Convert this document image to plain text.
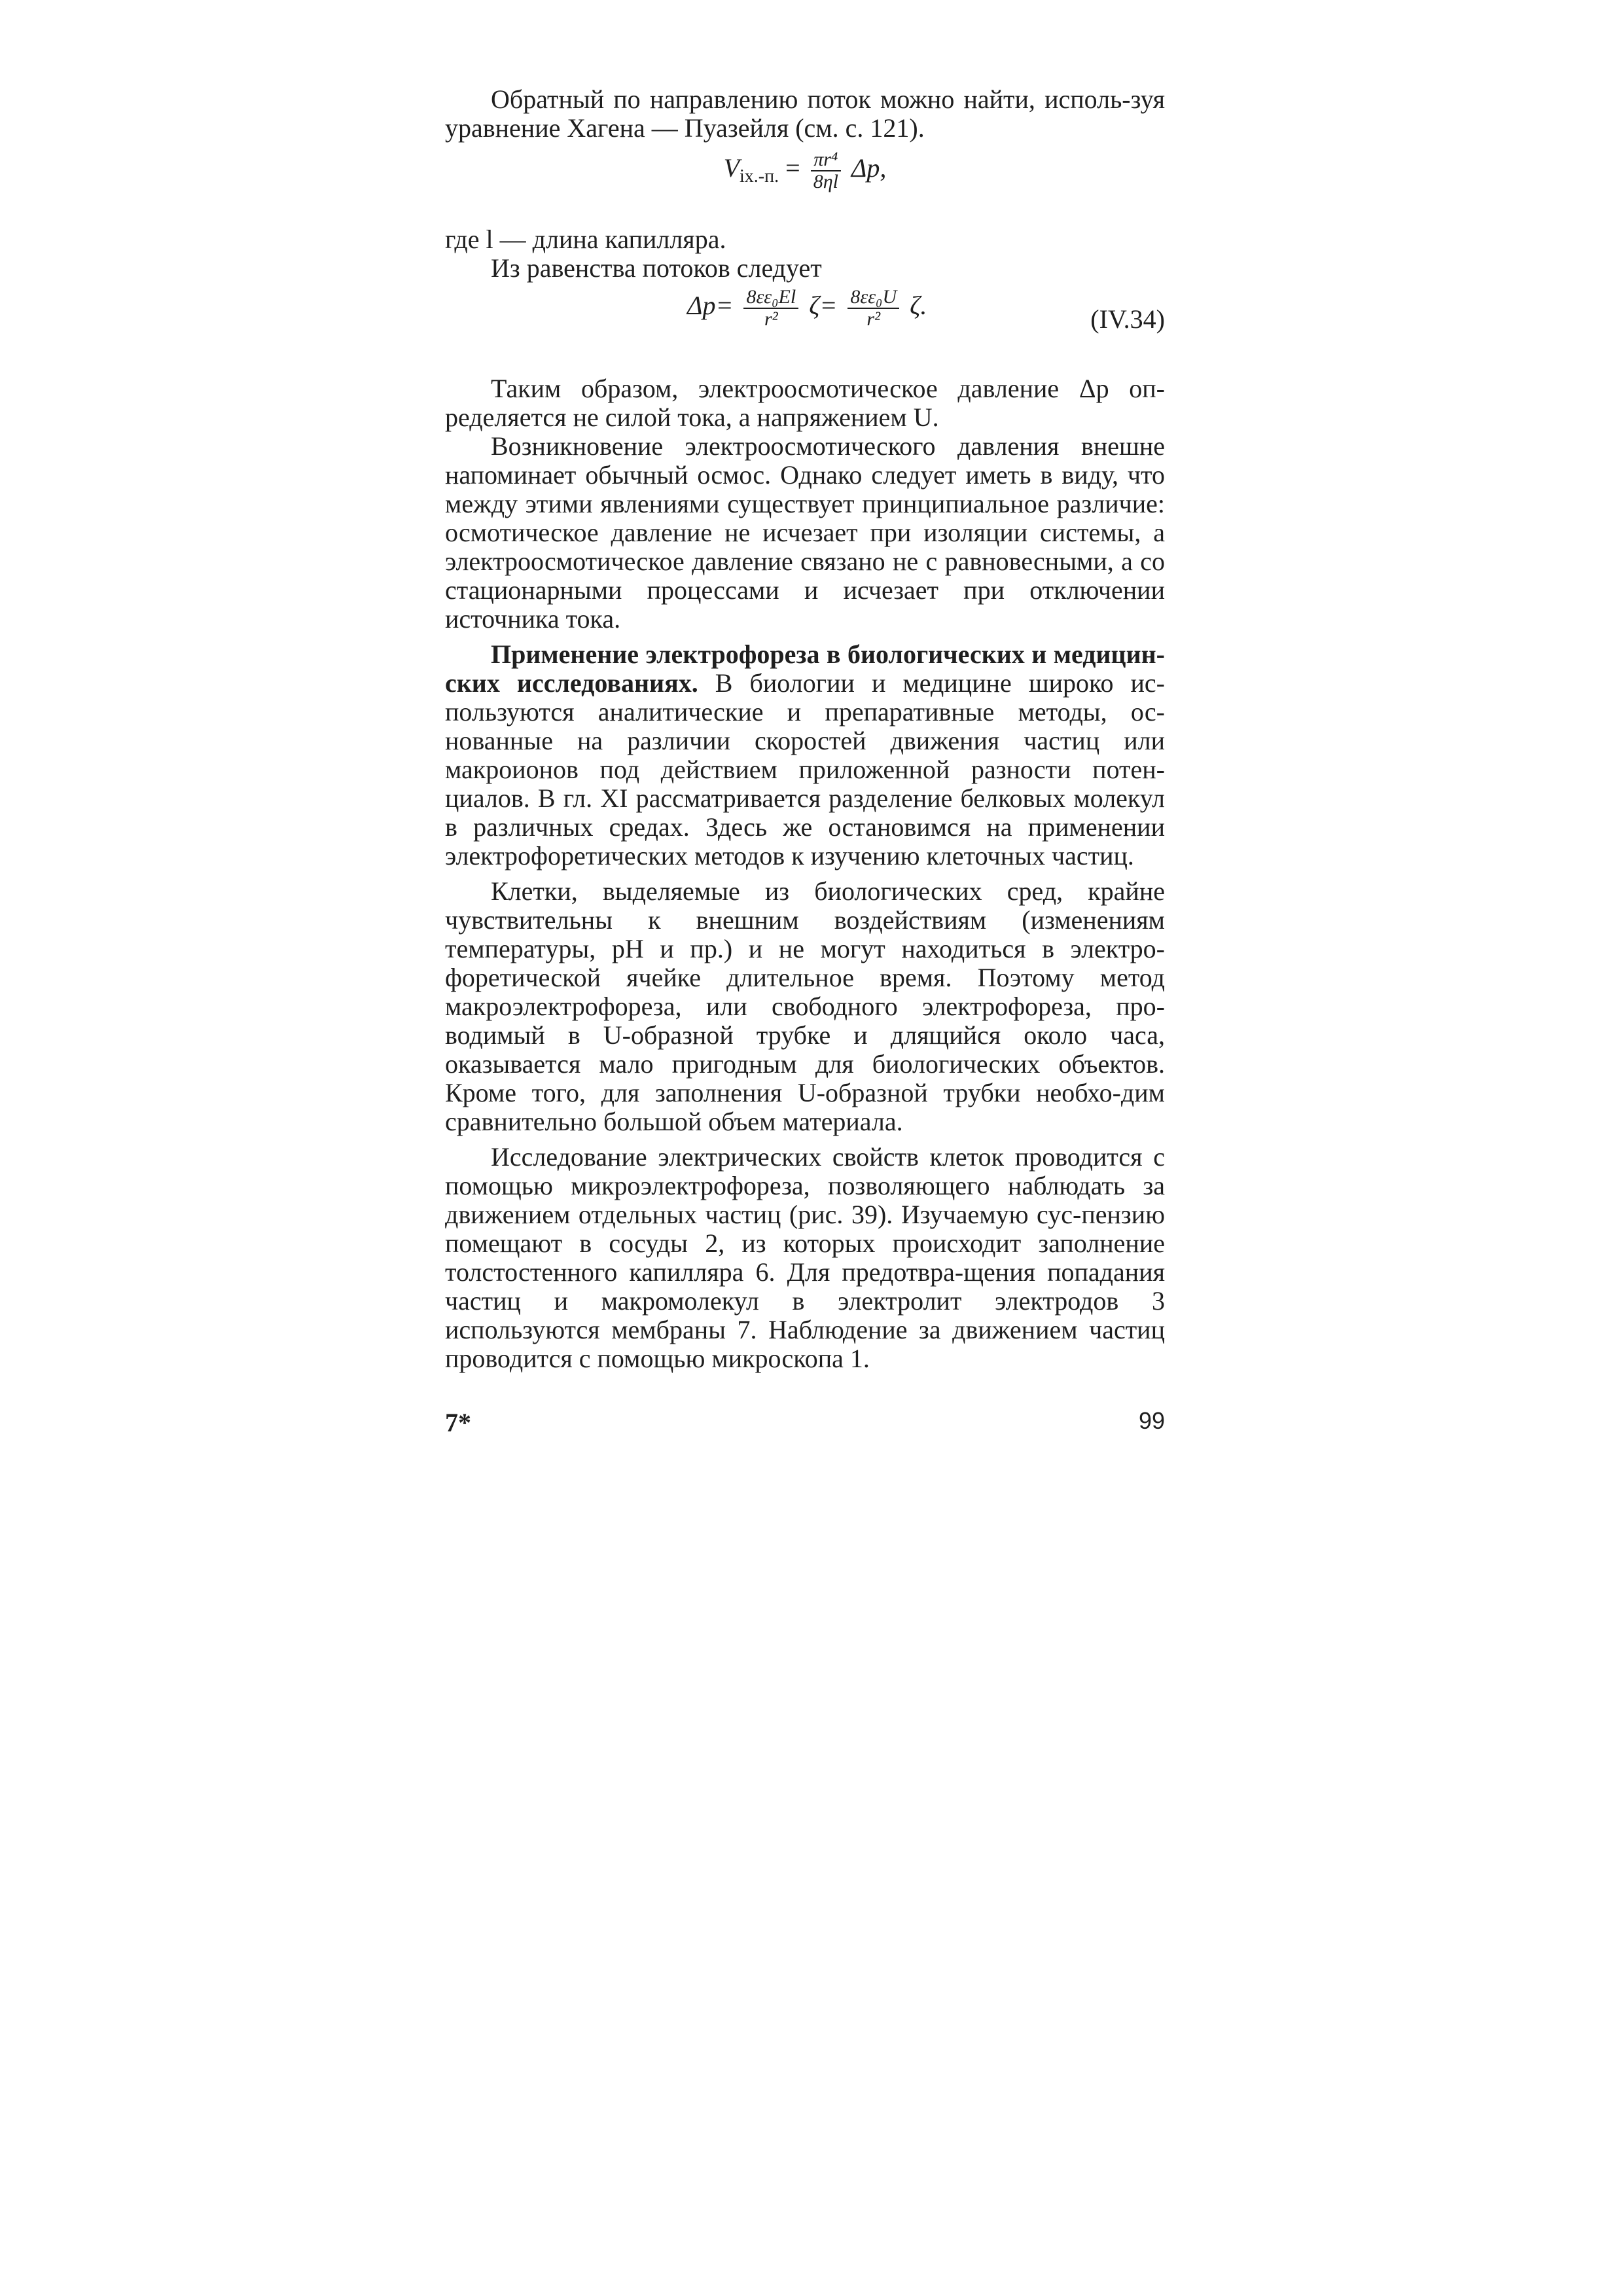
Обратный по направлению поток можно найти, исполь-зуя уравнение Хагена — Пуазейля (см. с. 121).

$V_{iх.-п.} = \frac{\text{πr⁴}}{8\eta l} \Delta p$,

где l — длина капилляра.

Из равенства потоков следует

$\Delta p= \frac{\text{8εε₀El}}{\text{r²}} \zeta= \frac{\text{8εε₀U}}{\text{r²}} \zeta$.	(IV.34)

Таким образом, электроосмотическое давление Δp оп-ределяется не силой тока, а напряжением U.

Возникновение электроосмотического давления внешне напоминает обычный осмос. Однако следует иметь в виду, что между этими явлениями существует принципиальное различие: осмотическое давление не исчезает при изоляции системы, а электроосмотическое давление связано не с равновесными, а со стационарными процессами и исчезает при отключении источника тока.

Применение электрофореза в биологических и медицин-ских исследованиях. В биологии и медицине широко ис-пользуются аналитические и препаративные методы, ос-нованные на различии скоростей движения частиц или макроионов под действием приложенной разности потен-циалов. В гл. XI рассматривается разделение белковых молекул в различных средах. Здесь же остановимся на применении электрофоретических методов к изучению клеточных частиц.

Клетки, выделяемые из биологических сред, крайне чувствительны к внешним воздействиям (изменениям температуры, pH и пр.) и не могут находиться в электро-форетической ячейке длительное время. Поэтому метод макроэлектрофореза, или свободного электрофореза, про-водимый в U-образной трубке и длящийся около часа, оказывается мало пригодным для биологических объектов. Кроме того, для заполнения U-образной трубки необхо-дим сравнительно большой объем материала.

Исследование электрических свойств клеток проводится с помощью микроэлектрофореза, позволяющего наблюдать за движением отдельных частиц (рис. 39). Изучаемую сус-пензию помещают в сосуды 2, из которых происходит заполнение толстостенного капилляра 6. Для предотвра-щения попадания частиц и макромолекул в электролит электродов 3 используются мембраны 7. Наблюдение за движением частиц проводится с помощью микроскопа 1.

7*	99
